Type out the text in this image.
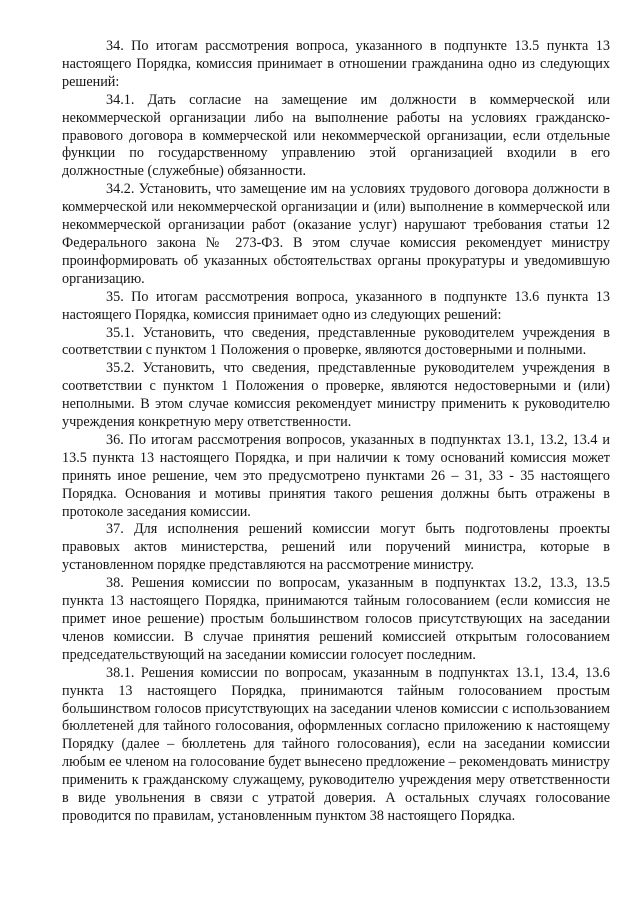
34. По итогам рассмотрения вопроса, указанного в подпункте 13.5 пункта 13 настоящего Порядка, комиссия принимает в отношении гражданина одно из следующих решений:

34.1. Дать согласие на замещение им должности в коммерческой или некоммерческой организации либо на выполнение работы на условиях гражданско-правового договора в коммерческой или некоммерческой организации, если отдельные функции по государственному управлению этой организацией входили в его должностные (служебные) обязанности.

34.2. Установить, что замещение им на условиях трудового договора должности в коммерческой или некоммерческой организации и (или) выполнение в коммерческой или некоммерческой организации работ (оказание услуг) нарушают требования статьи 12 Федерального закона № 273-ФЗ. В этом случае комиссия рекомендует министру проинформировать об указанных обстоятельствах органы прокуратуры и уведомившую организацию.

35. По итогам рассмотрения вопроса, указанного в подпункте 13.6 пункта 13 настоящего Порядка, комиссия принимает одно из следующих решений:

35.1. Установить, что сведения, представленные руководителем учреждения в соответствии с пунктом 1 Положения о проверке, являются достоверными и полными.

35.2. Установить, что сведения, представленные руководителем учреждения в соответствии с пунктом 1 Положения о проверке, являются недостоверными и (или) неполными. В этом случае комиссия рекомендует министру применить к руководителю учреждения конкретную меру ответственности.

36. По итогам рассмотрения вопросов, указанных в подпунктах 13.1, 13.2, 13.4 и 13.5 пункта 13 настоящего Порядка, и при наличии к тому оснований комиссия может принять иное решение, чем это предусмотрено пунктами 26 – 31, 33 - 35 настоящего Порядка. Основания и мотивы принятия такого решения должны быть отражены в протоколе заседания комиссии.

37. Для исполнения решений комиссии могут быть подготовлены проекты правовых актов министерства, решений или поручений министра, которые в установленном порядке представляются на рассмотрение министру.

38. Решения комиссии по вопросам, указанным в подпунктах 13.2, 13.3, 13.5 пункта 13 настоящего Порядка, принимаются тайным голосованием (если комиссия не примет иное решение) простым большинством голосов присутствующих на заседании членов комиссии. В случае принятия решений комиссией открытым голосованием председательствующий на заседании комиссии голосует последним.

38.1. Решения комиссии по вопросам, указанным в подпунктах 13.1, 13.4, 13.6 пункта 13 настоящего Порядка, принимаются тайным голосованием простым большинством голосов присутствующих на заседании членов комиссии с использованием бюллетеней для тайного голосования, оформленных согласно приложению к настоящему Порядку (далее – бюллетень для тайного голосования), если на заседании комиссии любым ее членом на голосование будет вынесено предложение – рекомендовать министру применить к гражданскому служащему, руководителю учреждения меру ответственности в виде увольнения в связи с утратой доверия. А остальных случаях голосование проводится по правилам, установленным пунктом 38 настоящего Порядка.
